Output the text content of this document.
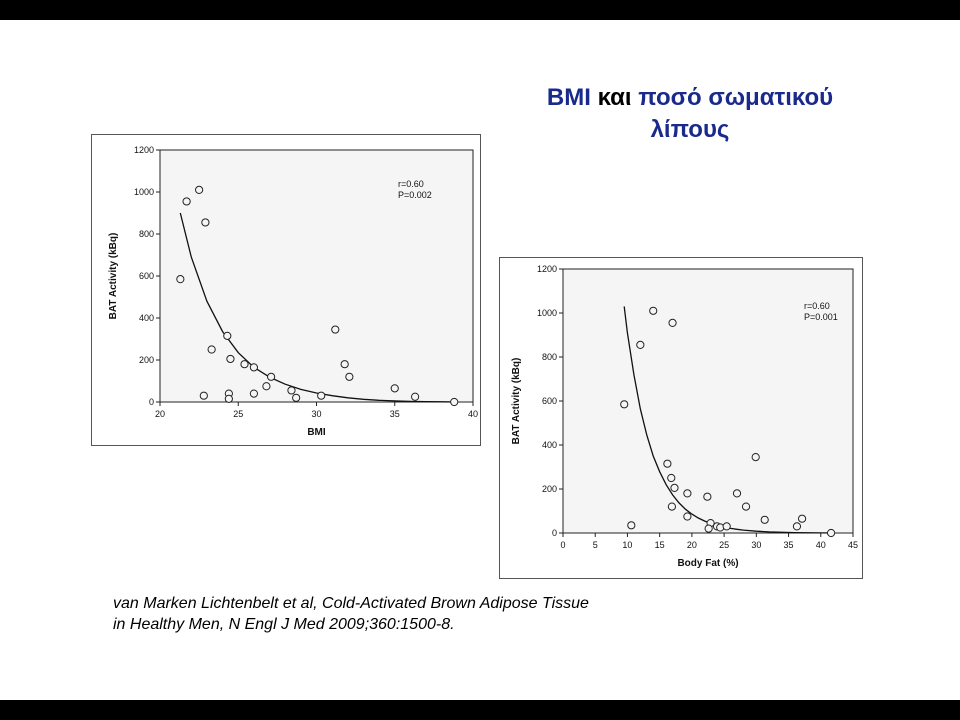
BMI και ποσό σωματικού
λίπους
20	25	30	35	40
0
200
400
600
800
1000
1200
BMI
BAT Activity (kBq)
r=0.60
P=0.002
0	5	10 15 20 25 30 35 40 45
0
200
400
600
800
1000
1200
Body Fat (%)
BAT Activity (kBq)
r=0.60
P=0.001
van Marken Lichtenbelt et al, Cold-Activated Brown Adipose Tissue
in Healthy Men, N Engl J Med 2009;360:1500-8.
